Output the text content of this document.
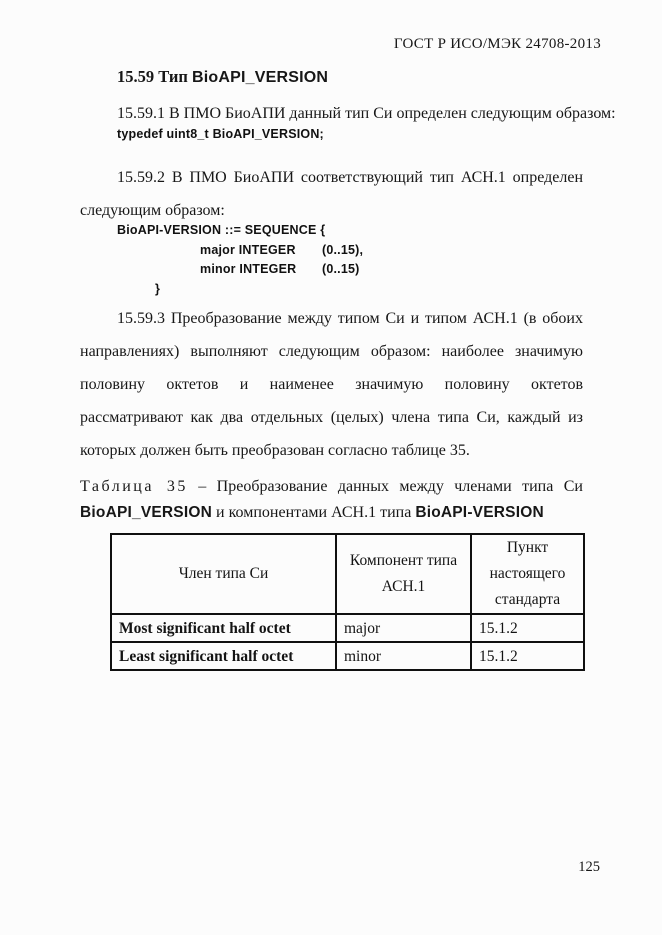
ГОСТ Р ИСО/МЭК 24708-2013
15.59 Тип BioAPI_VERSION

15.59.1 В ПМО БиоАПИ данный тип Си определен следующим образом:

typedef uint8_t BioAPI_VERSION;

15.59.2 В ПМО БиоАПИ соответствующий тип АСН.1 определен следующим образом:

BioAPI-VERSION ::= SEQUENCE {
major INTEGER (0..15),
minor INTEGER (0..15)
}

15.59.3 Преобразование между типом Си и типом АСН.1 (в обоих направлениях) выполняют следующим образом: наиболее значимую половину октетов и наименее значимую половину октетов рассматривают как два отдельных (целых) члена типа Си, каждый из которых должен быть преобразован согласно таблице 35.

Таблица 35 – Преобразование данных между членами типа Си
BioAPI_VERSION и компонентами АСН.1 типа BioAPI-VERSION
Член типа Си	Компонент типа АСН.1	Пункт настоящего стандарта
Most significant half octet	major	15.1.2
Least significant half octet	minor	15.1.2
125
